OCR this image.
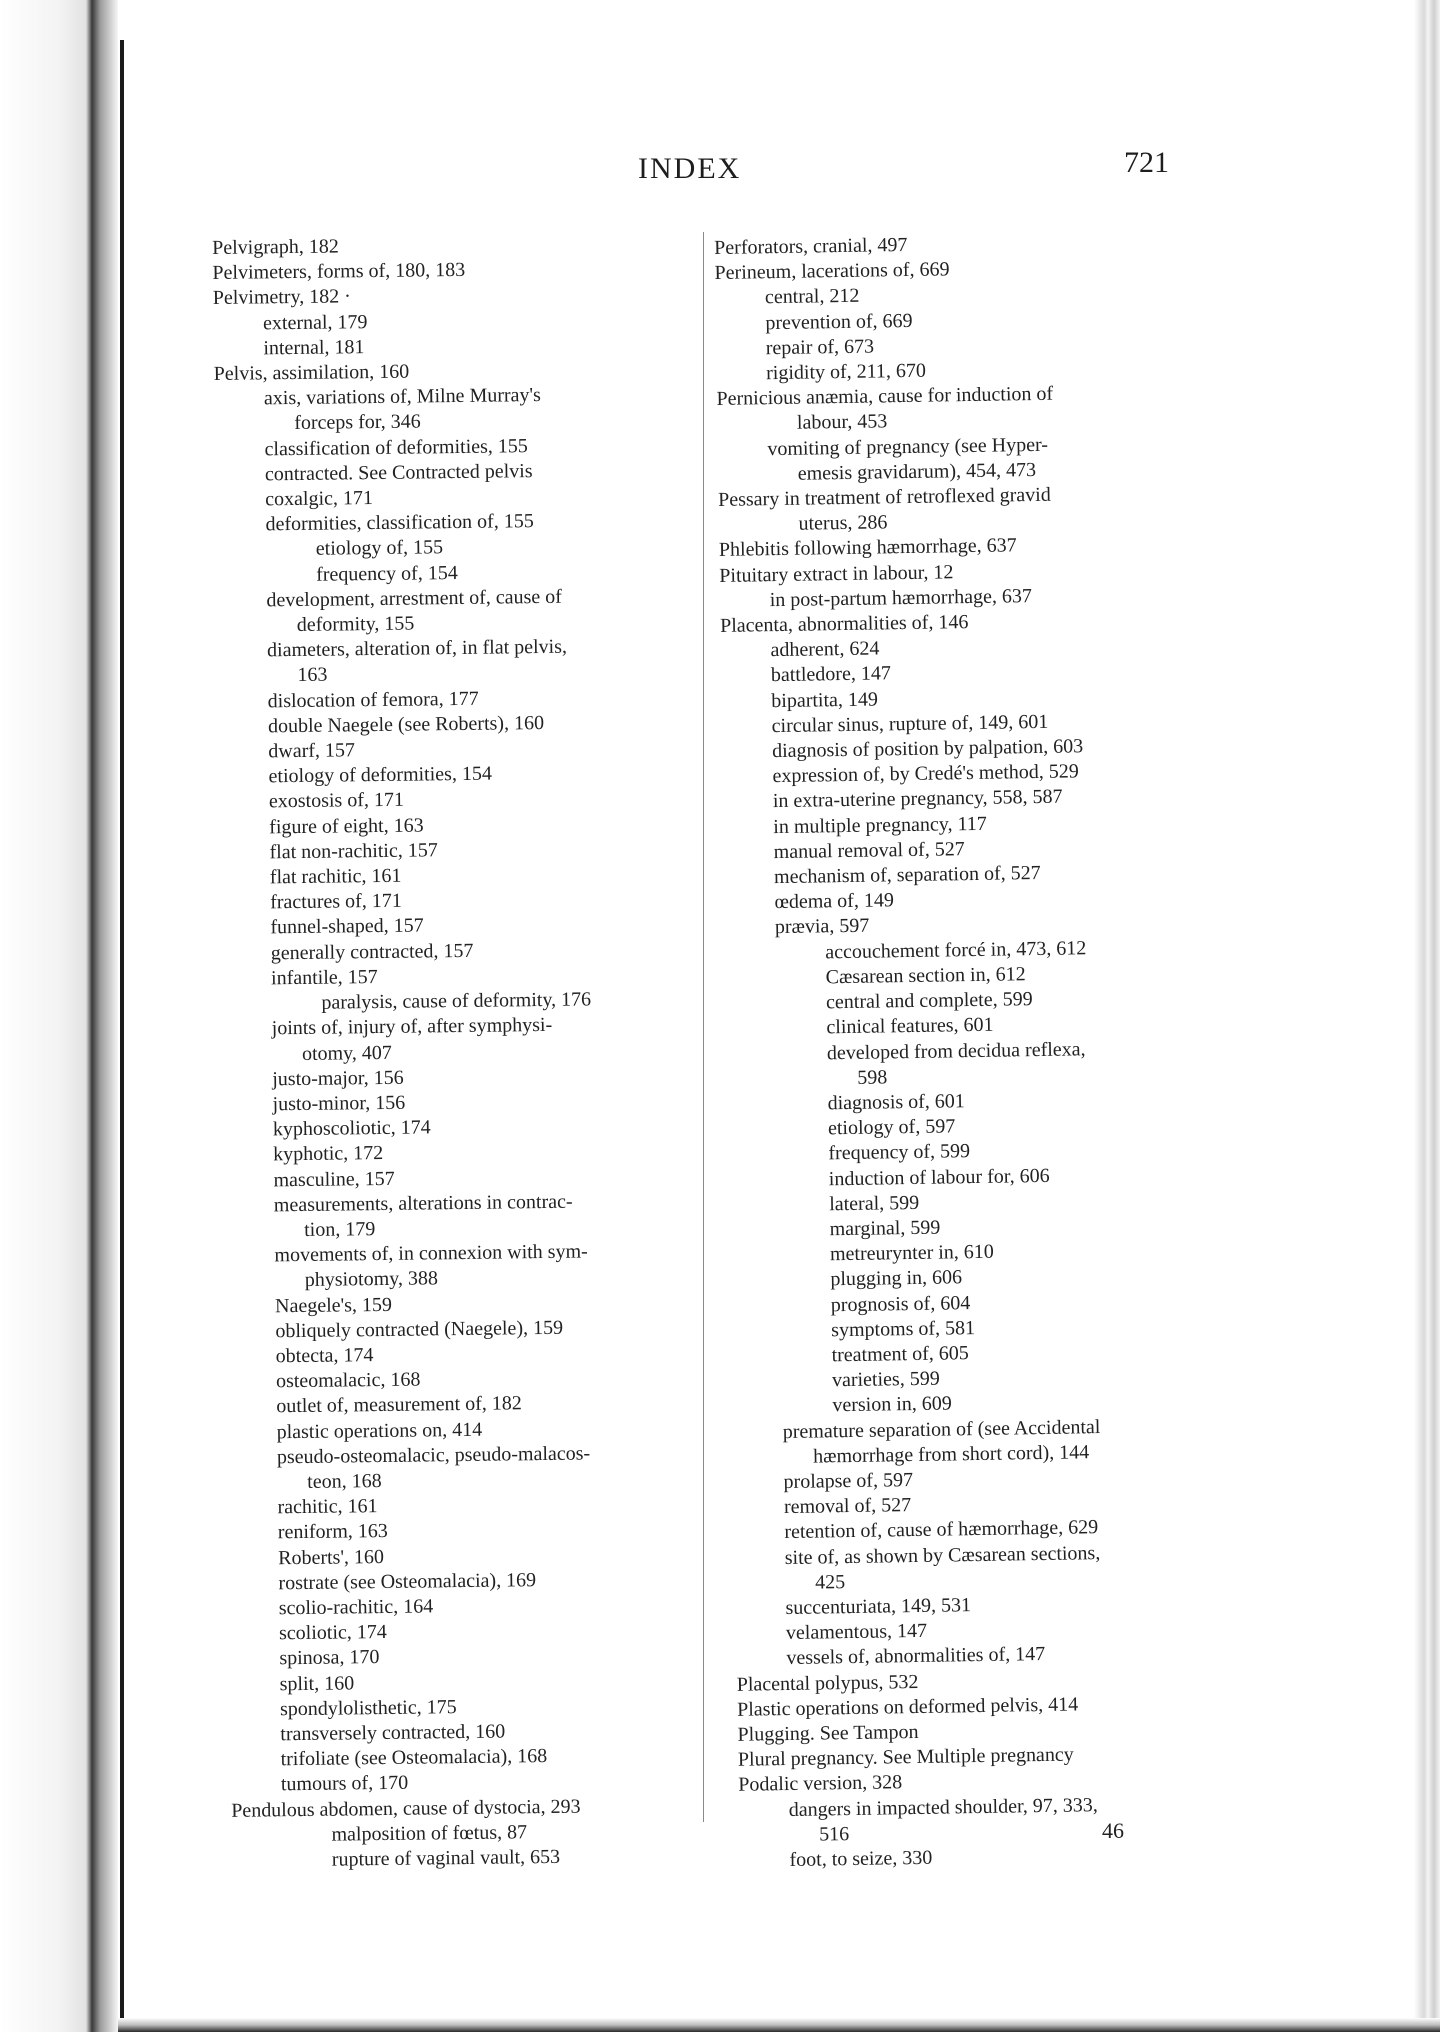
INDEX	721
Pelvigraph, 182
Pelvimeters, forms of, 180, 183
Pelvimetry, 182 ·
external, 179
internal, 181
Pelvis, assimilation, 160
axis, variations of, Milne Murray's
forceps for, 346
classification of deformities, 155
contracted. See Contracted pelvis
coxalgic, 171
deformities, classification of, 155
etiology of, 155
frequency of, 154
development, arrestment of, cause of
deformity, 155
diameters, alteration of, in flat pelvis,
163
dislocation of femora, 177
double Naegele (see Roberts), 160
dwarf, 157
etiology of deformities, 154
exostosis of, 171
figure of eight, 163
flat non-rachitic, 157
flat rachitic, 161
fractures of, 171
funnel-shaped, 157
generally contracted, 157
infantile, 157
paralysis, cause of deformity, 176
joints of, injury of, after symphysi-
otomy, 407
justo-major, 156
justo-minor, 156
kyphoscoliotic, 174
kyphotic, 172
masculine, 157
measurements, alterations in contrac-
tion, 179
movements of, in connexion with sym-
physiotomy, 388
Naegele's, 159
obliquely contracted (Naegele), 159
obtecta, 174
osteomalacic, 168
outlet of, measurement of, 182
plastic operations on, 414
pseudo-osteomalacic, pseudo-malacos-
teon, 168
rachitic, 161
reniform, 163
Roberts', 160
rostrate (see Osteomalacia), 169
scolio-rachitic, 164
scoliotic, 174
spinosa, 170
split, 160
spondylolisthetic, 175
transversely contracted, 160
trifoliate (see Osteomalacia), 168
tumours of, 170
Pendulous abdomen, cause of dystocia, 293
malposition of fœtus, 87
rupture of vaginal vault, 653
Perforators, cranial, 497
Perineum, lacerations of, 669
central, 212
prevention of, 669
repair of, 673
rigidity of, 211, 670
Pernicious anæmia, cause for induction of
labour, 453
vomiting of pregnancy (see Hyper-
emesis gravidarum), 454, 473
Pessary in treatment of retroflexed gravid
uterus, 286
Phlebitis following hæmorrhage, 637
Pituitary extract in labour, 12
in post-partum hæmorrhage, 637
Placenta, abnormalities of, 146
adherent, 624
battledore, 147
bipartita, 149
circular sinus, rupture of, 149, 601
diagnosis of position by palpation, 603
expression of, by Credé's method, 529
in extra-uterine pregnancy, 558, 587
in multiple pregnancy, 117
manual removal of, 527
mechanism of, separation of, 527
œdema of, 149
prævia, 597
accouchement forcé in, 473, 612
Cæsarean section in, 612
central and complete, 599
clinical features, 601
developed from decidua reflexa,
598
diagnosis of, 601
etiology of, 597
frequency of, 599
induction of labour for, 606
lateral, 599
marginal, 599
metreurynter in, 610
plugging in, 606
prognosis of, 604
symptoms of, 581
treatment of, 605
varieties, 599
version in, 609
premature separation of (see Accidental
hæmorrhage from short cord), 144
prolapse of, 597
removal of, 527
retention of, cause of hæmorrhage, 629
site of, as shown by Cæsarean sections,
425
succenturiata, 149, 531
velamentous, 147
vessels of, abnormalities of, 147
Placental polypus, 532
Plastic operations on deformed pelvis, 414
Plugging. See Tampon
Plural pregnancy. See Multiple pregnancy
Podalic version, 328
dangers in impacted shoulder, 97, 333,
516
foot, to seize, 330
46
